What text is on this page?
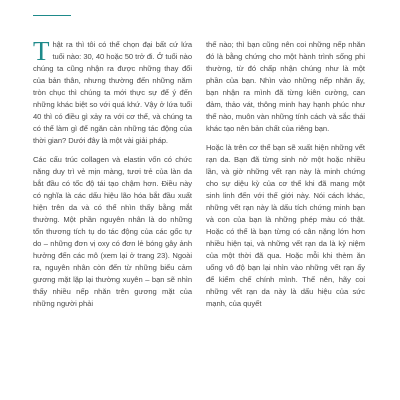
Thật ra thì tôi có thể chọn đại bất cứ lứa tuổi nào: 30, 40 hoặc 50 trở đi. Ở tuổi nào chúng ta cũng nhận ra được những thay đổi của bản thân, nhưng thường đến những năm tròn chục thì chúng ta mới thực sự để ý đến những khác biệt so với quá khứ. Vậy ở lứa tuổi 40 thì có điều gì xảy ra với cơ thể, và chúng ta có thể làm gì để ngăn cản những tác động của thời gian? Dưới đây là một vài giải pháp.

Các cấu trúc collagen và elastin vốn có chức năng duy trì vẻ mịn màng, tươi trẻ của làn da bắt đầu có tốc độ tái tạo chậm hơn. Điều này có nghĩa là các dấu hiệu lão hóa bắt đầu xuất hiện trên da và có thể nhìn thấy bằng mắt thường. Một phần nguyên nhân là do những tổn thương tích tụ do tác động của các gốc tự do – những đơn vị oxy có đơn lẻ bóng gây ảnh hưởng đến các mô (xem lại ở trang 23). Ngoài ra, nguyên nhân còn đến từ những biểu cảm gương mặt lặp lại thường xuyên – bạn sẽ nhìn thấy nhiều nếp nhăn trên gương mặt của những người phải

thế nào; thì bạn cũng nên coi những nếp nhăn đó là bằng chứng cho một hành trình sống phi thường, từ đó chấp nhận chúng như là một phần của bạn. Nhìn vào những nếp nhăn ấy, bạn nhận ra mình đã từng kiên cường, can đảm, thảo vát, thông minh hay hạnh phúc như thế nào, muôn vàn những tính cách và sắc thái khác tạo nên bản chất của riêng bạn.

Hoặc là trên cơ thể bạn sẽ xuất hiện những vết rạn da. Bạn đã từng sinh nở một hoặc nhiều lần, và giờ những vết rạn này là minh chứng cho sự diệu kỳ của cơ thể khi đã mang một sinh linh đến với thế giới này. Nói cách khác, những vết rạn này là dấu tích chứng minh bạn và con của bạn là những phép màu có thật. Hoặc có thể là bạn từng có cân nặng lớn hơn nhiều hiện tại, và những vết rạn da là kỷ niệm của một thời đã qua. Hoặc mỗi khi thèm ăn uống vô độ bạn lại nhìn vào những vết rạn ấy để kiểm chế chính mình. Thế nên, hãy coi những vết rạn da này là dấu hiệu của sức mạnh, của quyết
